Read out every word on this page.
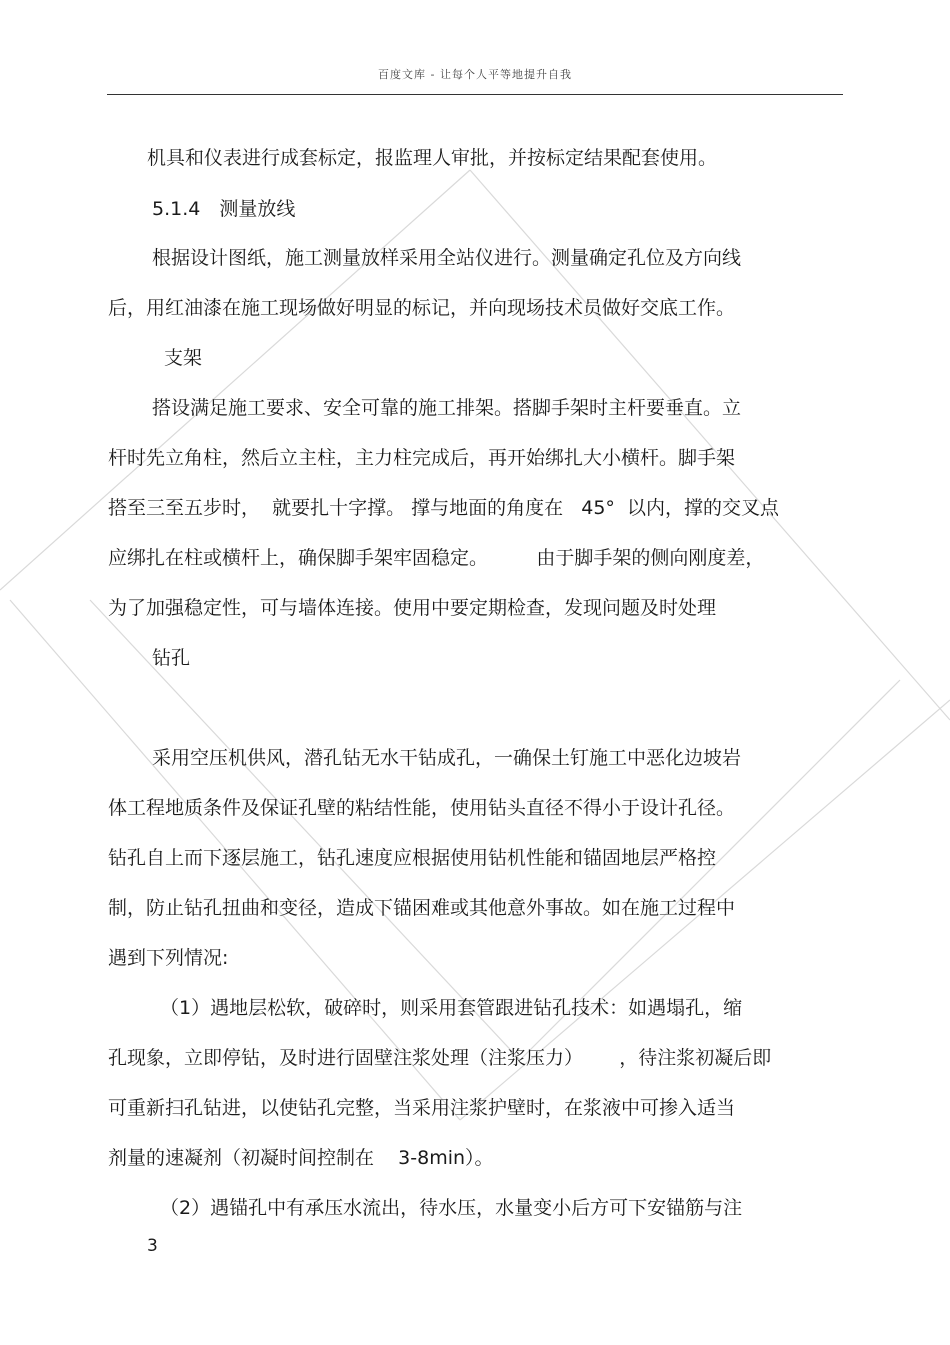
百度文库 - 让每个人平等地提升自我
机具和仪表进行成套标定，报监理人审批，并按标定结果配套使用。
5.1.4　测量放线
根据设计图纸，施工测量放样采用全站仪进行。测量确定孔位及方向线
后，用红油漆在施工现场做好明显的标记，并向现场技术员做好交底工作。
支架
搭设满足施工要求、安全可靠的施工排架。搭脚手架时主杆要垂直。立
杆时先立角柱，然后立主柱，主力柱完成后，再开始绑扎大小横杆。脚手架
搭至三至五步时，  就要扎十字撑。 撑与地面的角度在   45°  以内，撑的交叉点
应绑扎在柱或横杆上，确保脚手架牢固稳定。        由于脚手架的侧向刚度差，
为了加强稳定性，可与墙体连接。使用中要定期检查，发现问题及时处理
钻孔
采用空压机供风，潜孔钻无水干钻成孔，一确保土钉施工中恶化边坡岩
体工程地质条件及保证孔壁的粘结性能，使用钻头直径不得小于设计孔径。
钻孔自上而下逐层施工，钻孔速度应根据使用钻机性能和锚固地层严格控
制，防止钻孔扭曲和变径，造成下锚困难或其他意外事故。如在施工过程中
遇到下列情况:
（1）遇地层松软，破碎时，则采用套管跟进钻孔技术：如遇塌孔，缩
孔现象，立即停钻，及时进行固壁注浆处理（注浆压力）      ，待注浆初凝后即
可重新扫孔钻进，以使钻孔完整，当采用注浆护壁时，在浆液中可掺入适当
剂量的速凝剂（初凝时间控制在    3-8min）。
（2）遇锚孔中有承压水流出，待水压，水量变小后方可下安锚筋与注
3
